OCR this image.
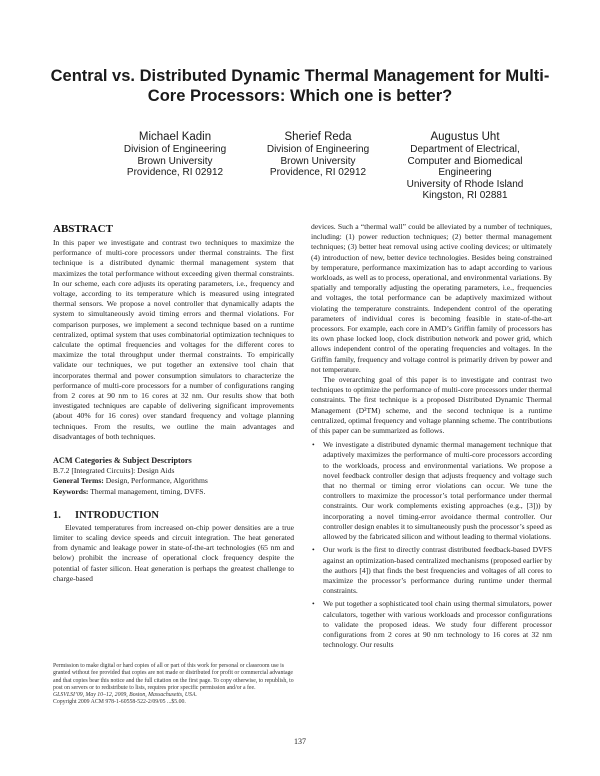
Central vs. Distributed Dynamic Thermal Management for Multi-Core Processors: Which one is better?
Michael Kadin
Division of Engineering
Brown University
Providence, RI 02912
Sherief Reda
Division of Engineering
Brown University
Providence, RI 02912
Augustus Uht
Department of Electrical,
Computer and Biomedical
Engineering
University of Rhode Island
Kingston, RI 02881
ABSTRACT

In this paper we investigate and contrast two techniques to maximize the performance of multi-core processors under thermal constraints. The first technique is a distributed dynamic thermal management system that maximizes the total performance without exceeding given thermal constraints. In our scheme, each core adjusts its operating parameters, i.e., frequency and voltage, according to its temperature which is measured using integrated thermal sensors. We propose a novel controller that dynamically adapts the system to simultaneously avoid timing errors and thermal violations. For comparison purposes, we implement a second technique based on a runtime centralized, optimal system that uses combinatorial optimization techniques to calculate the optimal frequencies and voltages for the different cores to maximize the total throughput under thermal constraints. To empirically validate our techniques, we put together an extensive tool chain that incorporates thermal and power consumption simulators to characterize the performance of multi-core processors for a number of configurations ranging from 2 cores at 90 nm to 16 cores at 32 nm. Our results show that both investigated techniques are capable of delivering significant improvements (about 40% for 16 cores) over standard frequency and voltage planning techniques. From the results, we outline the main advantages and disadvantages of both techniques.

ACM Categories & Subject Descriptors
B.7.2 [Integrated Circuits]: Design Aids
General Terms: Design, Performance, Algorithms
Keywords: Thermal management, timing, DVFS.
1. INTRODUCTION

Elevated temperatures from increased on-chip power densities are a true limiter to scaling device speeds and circuit integration. The heat generated from dynamic and leakage power in state-of-the-art technologies (65 nm and below) prohibit the increase of operational clock frequency despite the potential of faster silicon. Heat generation is perhaps the greatest challenge to charge-based

Permission to make digital or hard copies of all or part of this work for personal or classroom use is granted without fee provided that copies are not made or distributed for profit or commercial advantage and that copies bear this notice and the full citation on the first page. To copy otherwise, to republish, to post on servers or to redistribute to lists, requires prior specific permission and/or a fee.
GLSVLSI’09, May 10–12, 2009, Boston, Massachusetts, USA.
Copyright 2009 ACM 978-1-60558-522-2/09/05 ...$5.00.

devices. Such a “thermal wall” could be alleviated by a number of techniques, including: (1) power reduction techniques; (2) better thermal management techniques; (3) better heat removal using active cooling devices; or ultimately (4) introduction of new, better device technologies. Besides being constrained by temperature, performance maximization has to adapt according to various workloads, as well as to process, operational, and environmental variations. By spatially and temporally adjusting the operating parameters, i.e., frequencies and voltages, the total performance can be adaptively maximized without violating the temperature constraints. Independent control of the operating parameters of individual cores is becoming feasible in state-of-the-art processors. For example, each core in AMD’s Griffin family of processors has its own phase locked loop, clock distribution network and power grid, which allows independent control of the operating frequencies and voltages. In the Griffin family, frequency and voltage control is primarily driven by power and not temperature.

The overarching goal of this paper is to investigate and contrast two techniques to optimize the performance of multi-core processors under thermal constraints. The first technique is a proposed Distributed Dynamic Thermal Management (D²TM) scheme, and the second technique is a runtime centralized, optimal frequency and voltage planning scheme. The contributions of this paper can be summarized as follows.

• We investigate a distributed dynamic thermal management technique that adaptively maximizes the performance of multi-core processors according to the workloads, process and environmental variations. We propose a novel feedback controller design that adjusts frequency and voltage such that no thermal or timing error violations can occur. We tune the controllers to maximize the processor’s total performance under thermal constraints. Our work complements existing approaches (e.g., [3])) by incorporating a novel timing-error avoidance thermal controller. Our controller design enables it to simultaneously push the processor’s speed as allowed by the fabricated silicon and without leading to thermal violations.
• Our work is the first to directly contrast distributed feedback-based DVFS against an optimization-based centralized mechanisms (proposed earlier by the authors [4]) that finds the best frequencies and voltages of all cores to maximize the processor’s performance during runtime under thermal constraints.
• We put together a sophisticated tool chain using thermal simulators, power calculators, together with various workloads and processor configurations to validate the proposed ideas. We study four different processor configurations from 2 cores at 90 nm technology to 16 cores at 32 nm technology. Our results
137
